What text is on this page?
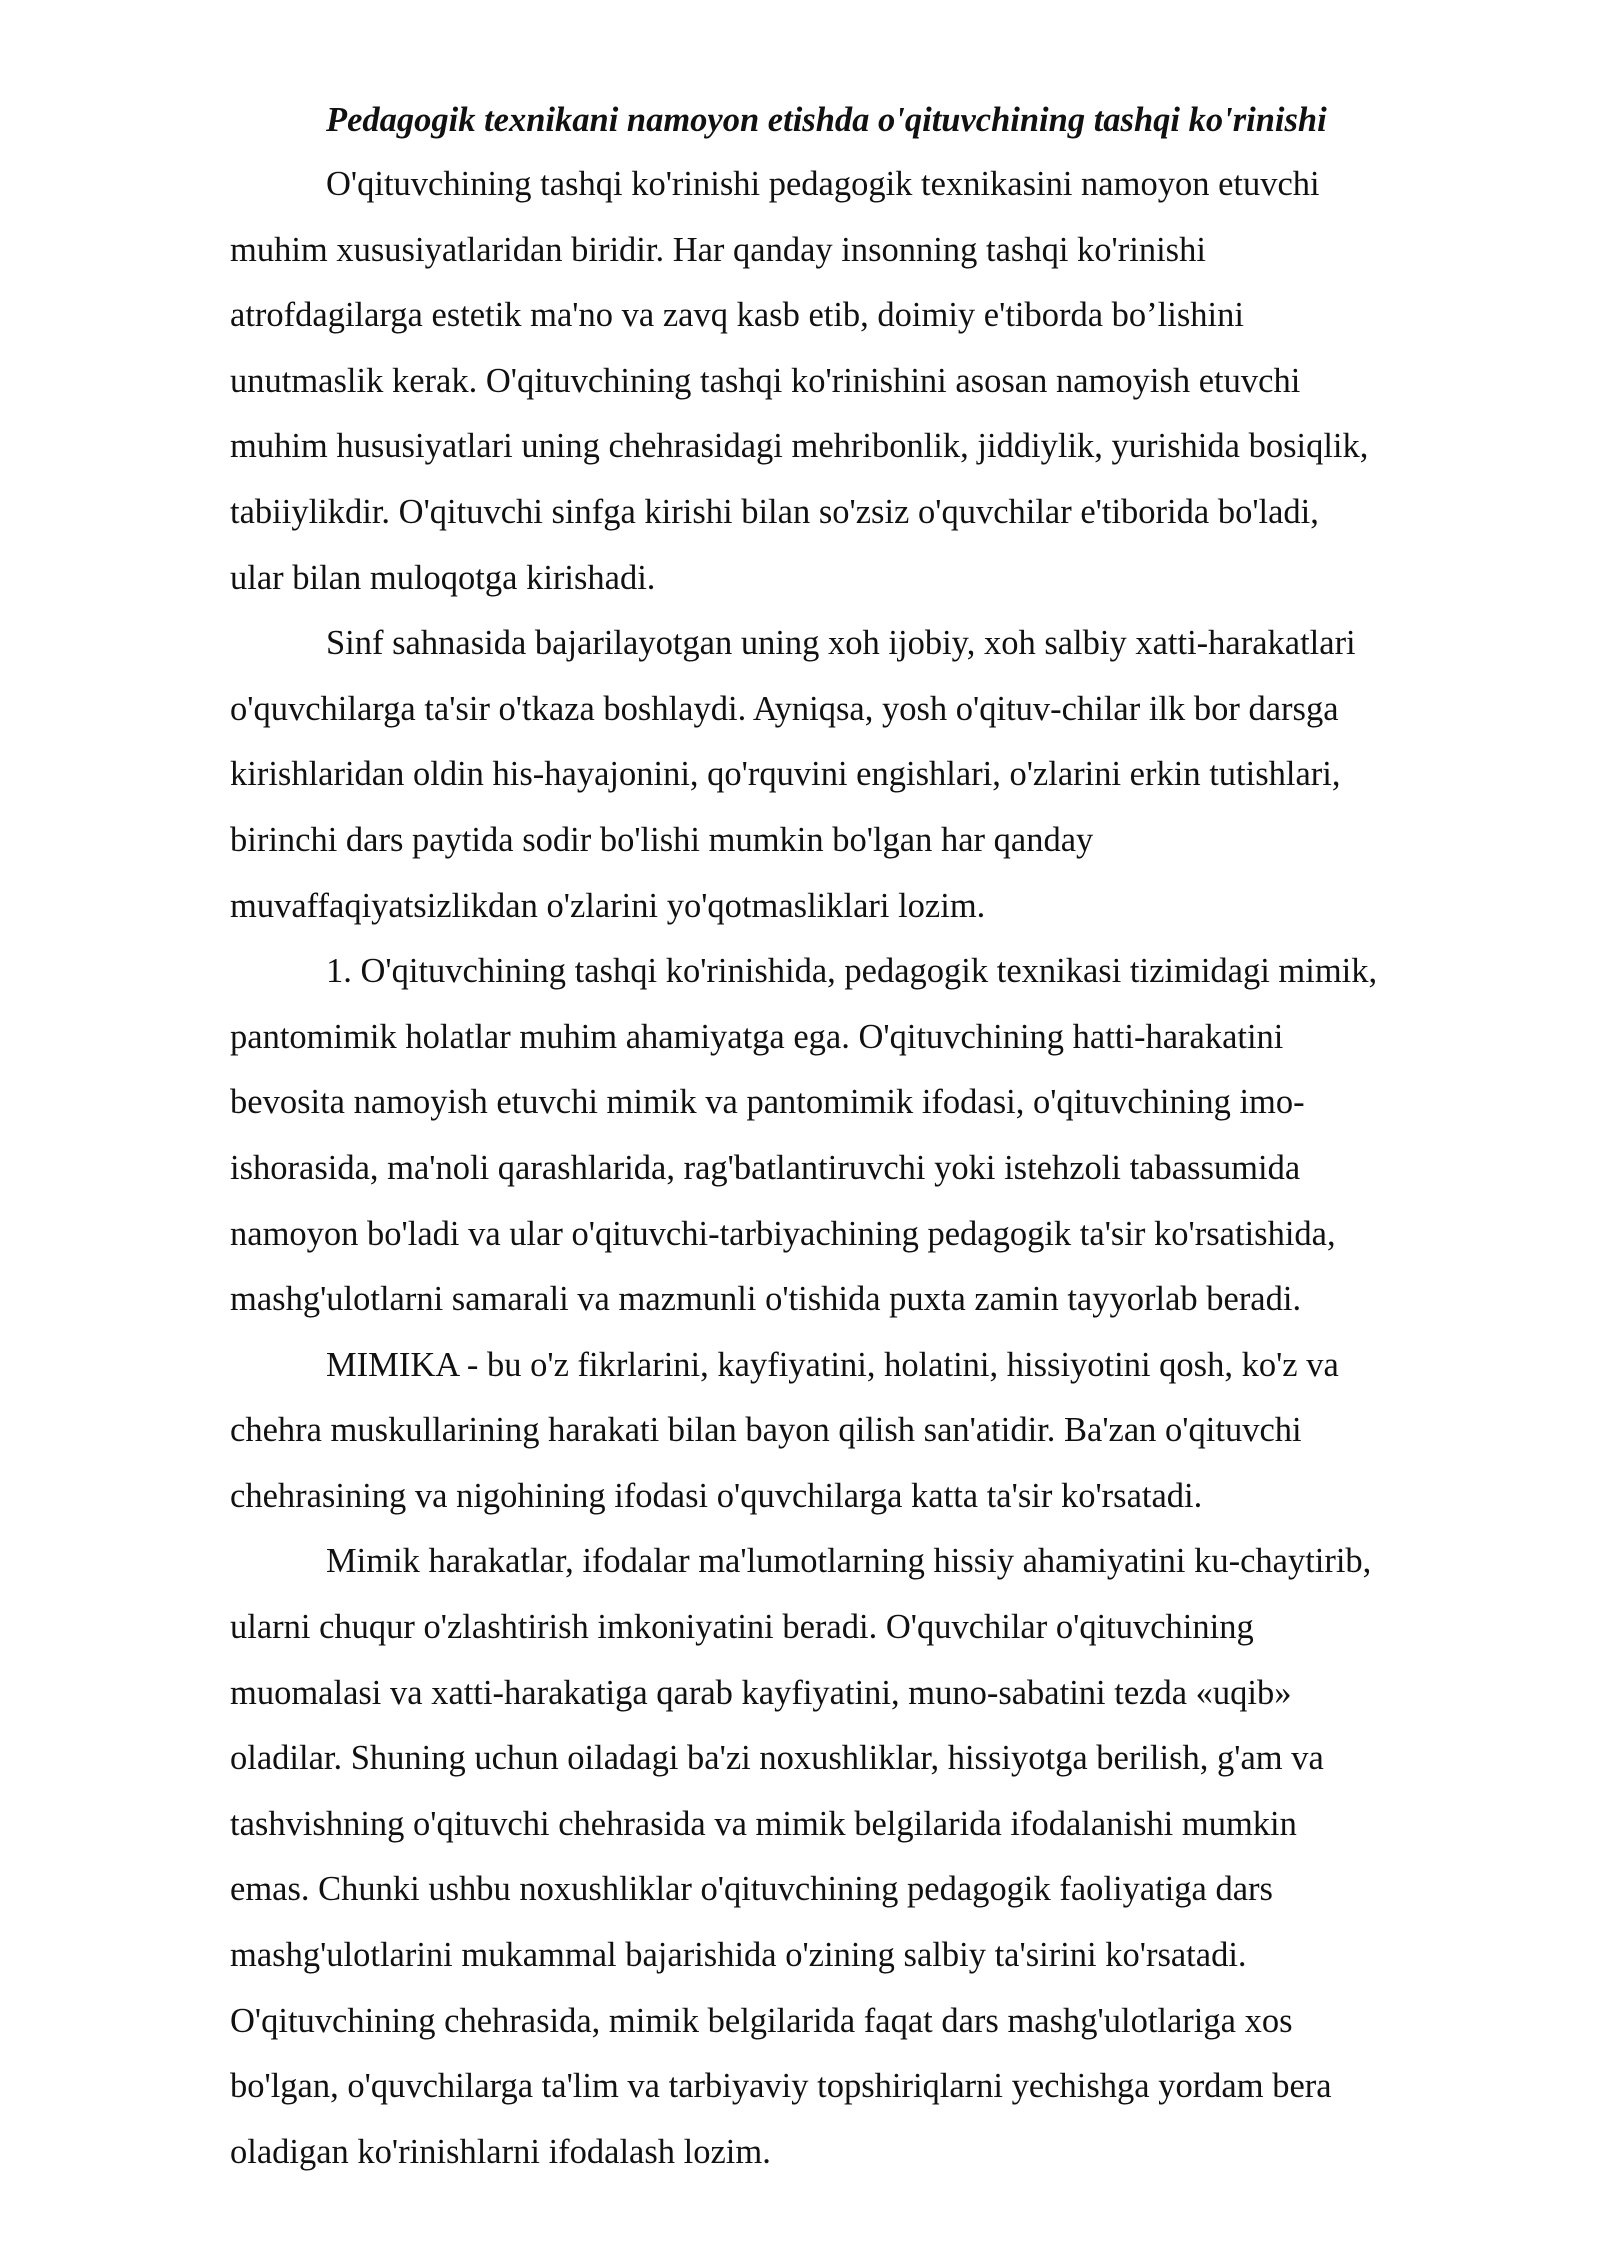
Pedagogik texnikani namoyon etishda o'qituvchining tashqi ko'rinishi

O'qituvchining tashqi ko'rinishi pedagogik texnikasini namoyon etuvchi
muhim xususiyatlaridan biridir. Har qanday insonning tashqi ko'rinishi
atrofdagilarga estetik ma'no va zavq kasb etib, doimiy e'tiborda bo’lishini
unutmaslik kerak. O'qituvchining tashqi ko'rinishini asosan namoyish etuvchi
muhim hususiyatlari uning chehrasidagi mehribonlik, jiddiylik, yurishida bosiqlik,
tabiiylikdir. O'qituvchi sinfga kirishi bilan so'zsiz o'quvchilar e'tiborida bo'ladi,
ular bilan muloqotga kirishadi.

Sinf sahnasida bajarilayotgan uning xoh ijobiy, xoh salbiy xatti-harakatlari
o'quvchilarga ta'sir o'tkaza boshlaydi. Ayniqsa, yosh o'qituv-chilar ilk bor darsga
kirishlaridan oldin his-hayajonini, qo'rquvini engishlari, o'zlarini erkin tutishlari,
birinchi dars paytida sodir bo'lishi mumkin bo'lgan har qanday
muvaffaqiyatsizlikdan o'zlarini yo'qotmasliklari lozim.

1. O'qituvchining tashqi ko'rinishida, pedagogik texnikasi tizimidagi mimik,
pantomimik holatlar muhim ahamiyatga ega. O'qituvchining hatti-harakatini
bevosita namoyish etuvchi mimik va pantomimik ifodasi, o'qituvchining imo-
ishorasida, ma'noli qarashlarida, rag'batlantiruvchi yoki istehzoli tabassumida
namoyon bo'ladi va ular o'qituvchi-tarbiyachining pedagogik ta'sir ko'rsatishida,
mashg'ulotlarni samarali va mazmunli o'tishida puxta zamin tayyorlab beradi.

MIMIKA - bu o'z fikrlarini, kayfiyatini, holatini, hissiyotini qosh, ko'z va
chehra muskullarining harakati bilan bayon qilish san'atidir. Ba'zan o'qituvchi
chehrasining va nigohining ifodasi o'quvchilarga katta ta'sir ko'rsatadi.

Mimik harakatlar, ifodalar ma'lumotlarning hissiy ahamiyatini ku-chaytirib,
ularni chuqur o'zlashtirish imkoniyatini beradi. O'quvchilar o'qituvchining
muomalasi va xatti-harakatiga qarab kayfiyatini, muno-sabatini tezda «uqib»
oladilar. Shuning uchun oiladagi ba'zi noxushliklar, hissiyotga berilish, g'am va
tashvishning o'qituvchi chehrasida va mimik belgilarida ifodalanishi mumkin
emas. Chunki ushbu noxushliklar o'qituvchining pedagogik faoliyatiga dars
mashg'ulotlarini mukammal bajarishida o'zining salbiy ta'sirini ko'rsatadi.
O'qituvchining chehrasida, mimik belgilarida faqat dars mashg'ulotlariga xos
bo'lgan, o'quvchilarga ta'lim va tarbiyaviy topshiriqlarni yechishga yordam bera
oladigan ko'rinishlarni ifodalash lozim.
